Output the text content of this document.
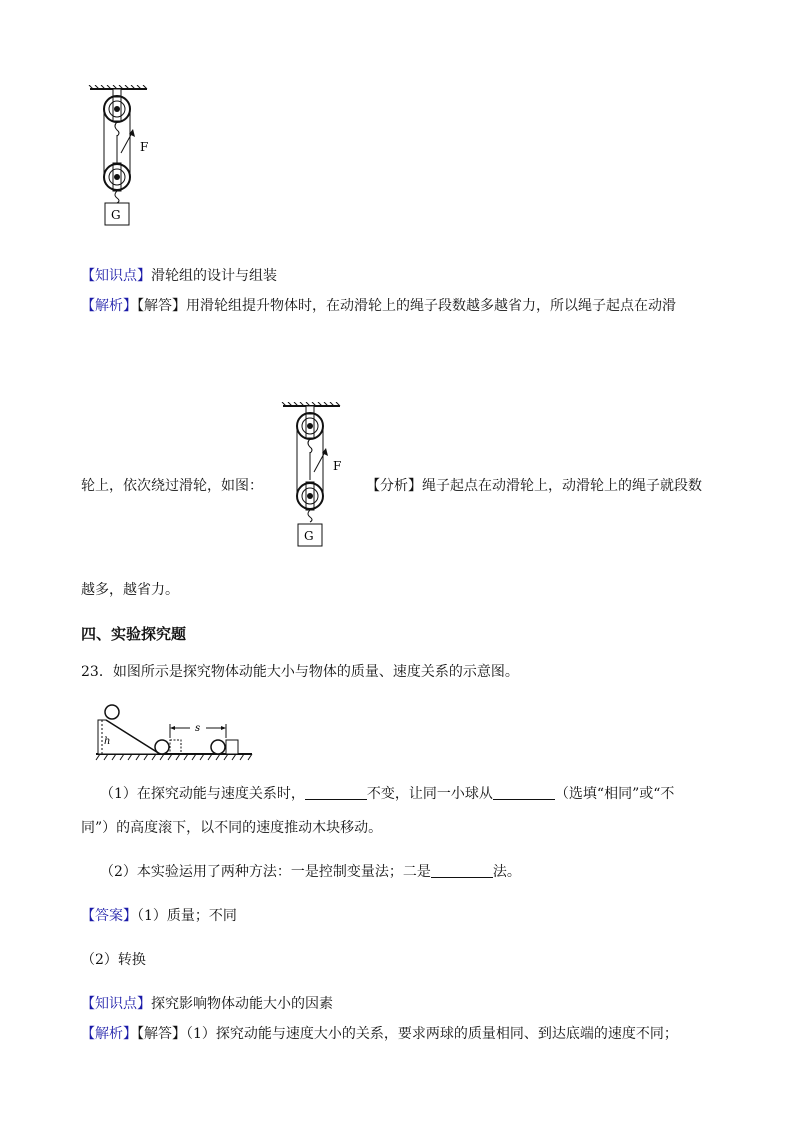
F
G
【知识点】滑轮组的设计与组装
【解析】【解答】用滑轮组提升物体时，在动滑轮上的绳子段数越多越省力，所以绳子起点在动滑
F
G
轮上，依次绕过滑轮，如图：	【分析】绳子起点在动滑轮上，动滑轮上的绳子就段数
越多，越省力。
四、实验探究题
23．如图所示是探究物体动能大小与物体的质量、速度关系的示意图。
h
s
（1）在探究动能与速度关系时，	不变，让同一小球从	（选填“相同”或“不
同”）的高度滚下，以不同的速度推动木块移动。
（2）本实验运用了两种方法：一是控制变量法；二是	法。
【答案】（1）质量；不同
（2）转换
【知识点】探究影响物体动能大小的因素
【解析】【解答】（1）探究动能与速度大小的关系，要求两球的质量相同、到达底端的速度不同；
